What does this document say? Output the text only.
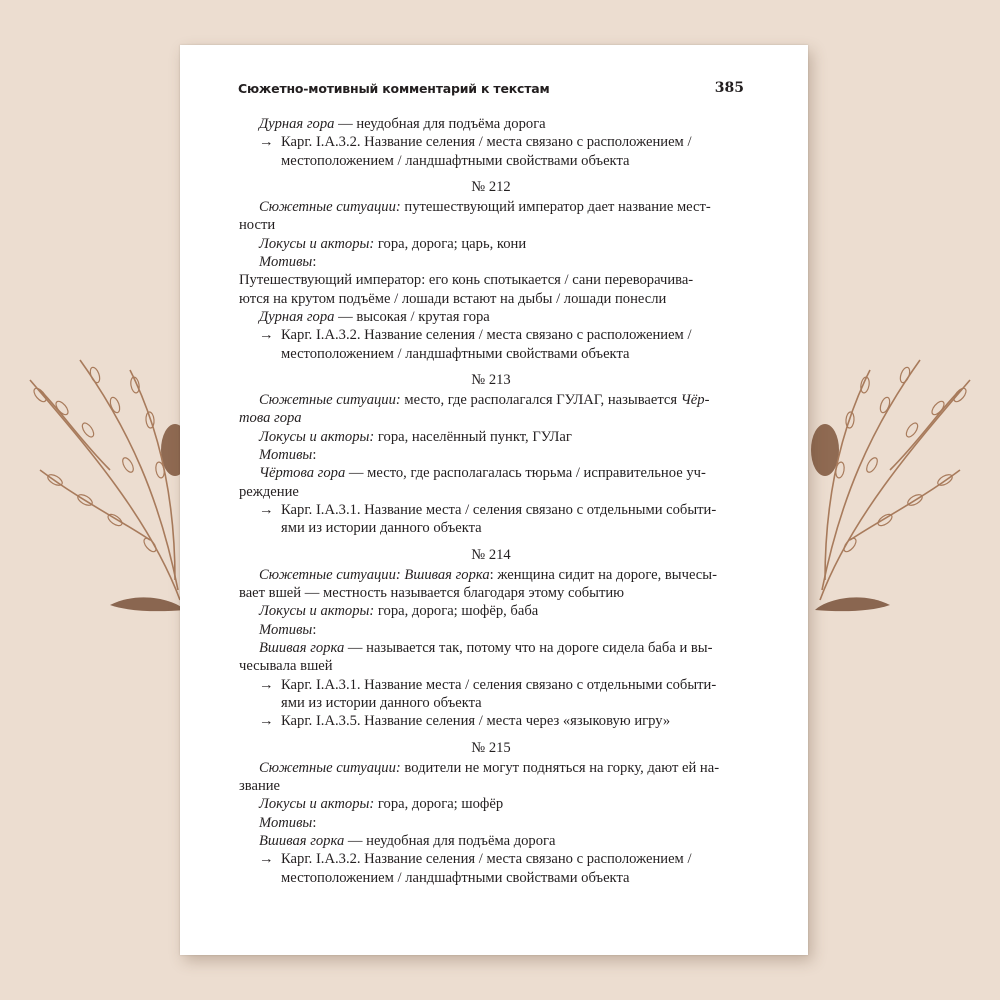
Сюжетно-мотивный комментарий к текстам	385
Дурная гора — неудобная для подъёма дорога
→ Карг. I.А.3.2. Название селения / места связано с расположением /
местоположением / ландшафтными свойствами объекта
№ 212
Сюжетные ситуации: путешествующий император дает название мест-
ности
Локусы и акторы: гора, дорога; царь, кони
Мотивы:
Путешествующий император: его конь спотыкается / сани переворачива-
ются на крутом подъёме / лошади встают на дыбы / лошади понесли
Дурная гора — высокая / крутая гора
→ Карг. I.А.3.2. Название селения / места связано с расположением /
местоположением / ландшафтными свойствами объекта
№ 213
Сюжетные ситуации: место, где располагался ГУЛАГ, называется Чёр-
това гора
Локусы и акторы: гора, населённый пункт, ГУЛаг
Мотивы:
Чёртова гора — место, где располагалась тюрьма / исправительное уч-
реждение
→ Карг. I.А.3.1. Название места / селения связано с отдельными событи-
ями из истории данного объекта
№ 214
Сюжетные ситуации: Вшивая горка: женщина сидит на дороге, вычесы-
вает вшей — местность называется благодаря этому событию
Локусы и акторы: гора, дорога; шофёр, баба
Мотивы:
Вшивая горка — называется так, потому что на дороге сидела баба и вы-
чесывала вшей
→ Карг. I.А.3.1. Название места / селения связано с отдельными событи-
ями из истории данного объекта
→ Карг. I.А.3.5. Название селения / места через «языковую игру»
№ 215
Сюжетные ситуации: водители не могут подняться на горку, дают ей на-
звание
Локусы и акторы: гора, дорога; шофёр
Мотивы:
Вшивая горка — неудобная для подъёма дорога
→ Карг. I.А.3.2. Название селения / места связано с расположением /
местоположением / ландшафтными свойствами объекта
